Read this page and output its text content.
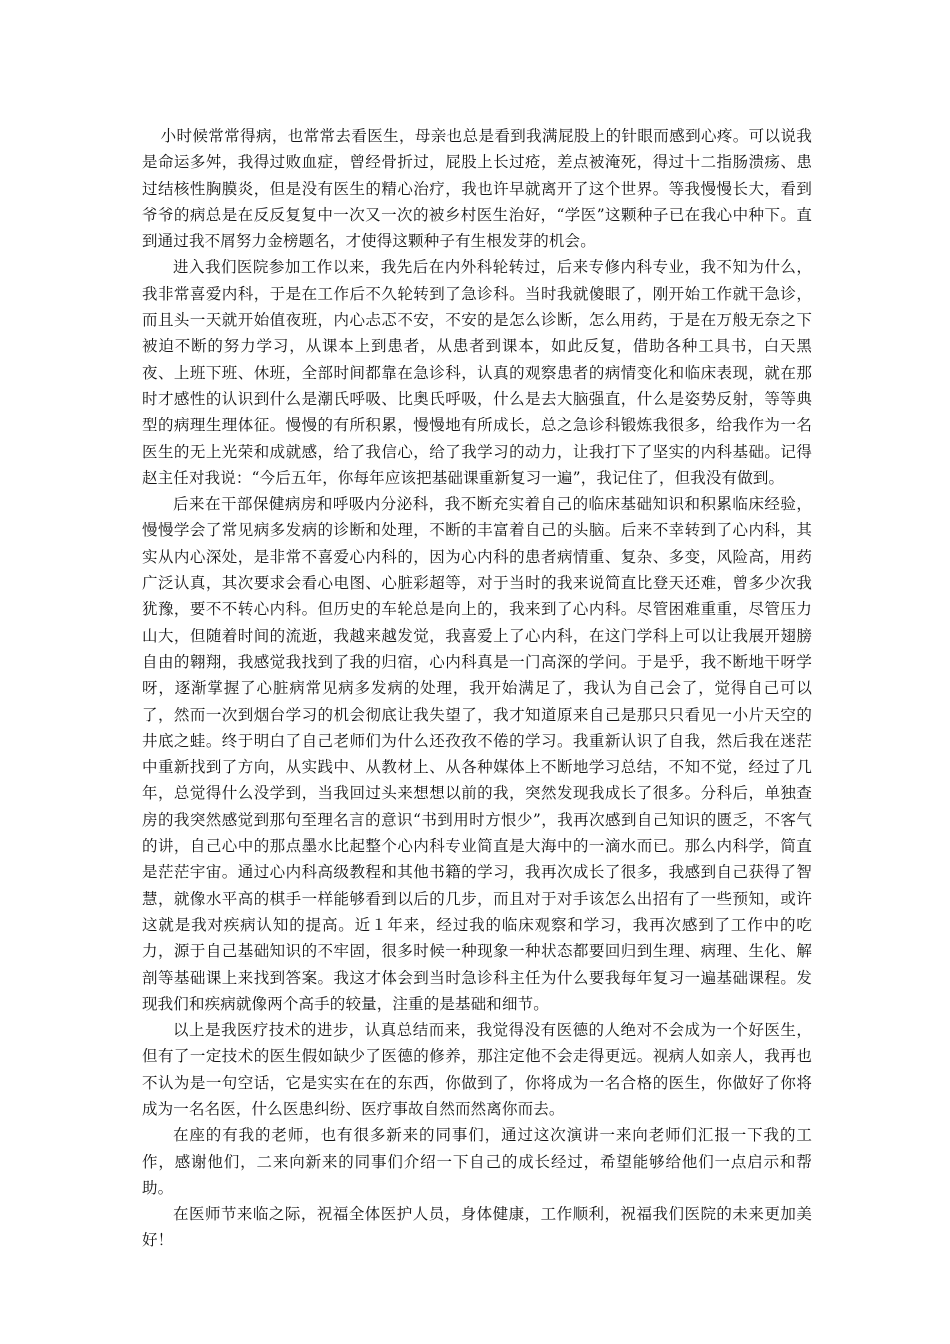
小时候常常得病，也常常去看医生，母亲也总是看到我满屁股上的针眼而感到心疼。可以说我是命运多舛，我得过败血症，曾经骨折过，屁股上长过疮，差点被淹死，得过十二指肠溃疡、患过结核性胸膜炎，但是没有医生的精心治疗，我也许早就离开了这个世界。等我慢慢长大，看到爷爷的病总是在反反复复中一次又一次的被乡村医生治好，“学医”这颗种子已在我心中种下。直到通过我不屑努力金榜题名，才使得这颗种子有生根发芽的机会。

进入我们医院参加工作以来，我先后在内外科轮转过，后来专修内科专业，我不知为什么，我非常喜爱内科，于是在工作后不久轮转到了急诊科。当时我就傻眼了，刚开始工作就干急诊，而且头一天就开始值夜班，内心忐忑不安，不安的是怎么诊断，怎么用药，于是在万般无奈之下被迫不断的努力学习，从课本上到患者，从患者到课本，如此反复，借助各种工具书，白天黑夜、上班下班、休班，全部时间都靠在急诊科，认真的观察患者的病情变化和临床表现，就在那时才感性的认识到什么是潮氏呼吸、比奥氏呼吸，什么是去大脑强直，什么是姿势反射，等等典型的病理生理体征。慢慢的有所积累，慢慢地有所成长，总之急诊科锻炼我很多，给我作为一名医生的无上光荣和成就感，给了我信心，给了我学习的动力，让我打下了坚实的内科基础。记得赵主任对我说：“今后五年，你每年应该把基础课重新复习一遍”，我记住了，但我没有做到。

后来在干部保健病房和呼吸内分泌科，我不断充实着自己的临床基础知识和积累临床经验，慢慢学会了常见病多发病的诊断和处理，不断的丰富着自己的头脑。后来不幸转到了心内科，其实从内心深处，是非常不喜爱心内科的，因为心内科的患者病情重、复杂、多变，风险高，用药广泛认真，其次要求会看心电图、心脏彩超等，对于当时的我来说简直比登天还难，曾多少次我犹豫，要不不转心内科。但历史的车轮总是向上的，我来到了心内科。尽管困难重重，尽管压力山大，但随着时间的流逝，我越来越发觉，我喜爱上了心内科，在这门学科上可以让我展开翅膀自由的翱翔，我感觉我找到了我的归宿，心内科真是一门高深的学问。于是乎，我不断地干呀学呀，逐渐掌握了心脏病常见病多发病的处理，我开始满足了，我认为自己会了，觉得自己可以了，然而一次到烟台学习的机会彻底让我失望了，我才知道原来自己是那只只看见一小片天空的井底之蛙。终于明白了自己老师们为什么还孜孜不倦的学习。我重新认识了自我，然后我在迷茫中重新找到了方向，从实践中、从教材上、从各种媒体上不断地学习总结，不知不觉，经过了几年，总觉得什么没学到，当我回过头来想想以前的我，突然发现我成长了很多。分科后，单独查房的我突然感觉到那句至理名言的意识“书到用时方恨少”，我再次感到自己知识的匮乏，不客气的讲，自己心中的那点墨水比起整个心内科专业简直是大海中的一滴水而已。那么内科学，简直是茫茫宇宙。通过心内科高级教程和其他书籍的学习，我再次成长了很多，我感到自己获得了智慧，就像水平高的棋手一样能够看到以后的几步，而且对于对手该怎么出招有了一些预知，或许这就是我对疾病认知的提高。近１年来，经过我的临床观察和学习，我再次感到了工作中的吃力，源于自己基础知识的不牢固，很多时候一种现象一种状态都要回归到生理、病理、生化、解剖等基础课上来找到答案。我这才体会到当时急诊科主任为什么要我每年复习一遍基础课程。发现我们和疾病就像两个高手的较量，注重的是基础和细节。

以上是我医疗技术的进步，认真总结而来，我觉得没有医德的人绝对不会成为一个好医生，但有了一定技术的医生假如缺少了医德的修养，那注定他不会走得更远。视病人如亲人，我再也不认为是一句空话，它是实实在在的东西，你做到了，你将成为一名合格的医生，你做好了你将成为一名名医，什么医患纠纷、医疗事故自然而然离你而去。

在座的有我的老师，也有很多新来的同事们，通过这次演讲一来向老师们汇报一下我的工作，感谢他们，二来向新来的同事们介绍一下自己的成长经过，希望能够给他们一点启示和帮助。

在医师节来临之际，祝福全体医护人员，身体健康，工作顺利，祝福我们医院的未来更加美好！
